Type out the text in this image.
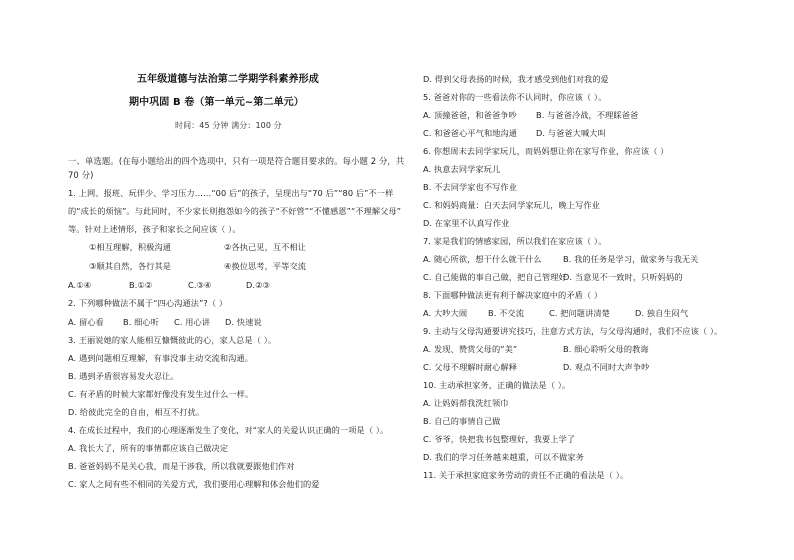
五年级道德与法治第二学期学科素养形成
期中巩固 B 卷（第一单元~第二单元）
时间：45 分钟 满分：100 分
一、单选题。(在每小题给出的四个选项中，只有一项是符合题目要求的。每小题 2 分，共
70 分)
1. 上网、报班、玩伴少、学习压力……“00 后”的孩子，呈现出与“70 后”“80 后”不一样
的“成长的烦恼”。与此同时，不少家长则抱怨如今的孩子“不好管”“不懂感恩”“不理解父母”
等。针对上述情形，孩子和家长之间应该（ ）。
①相互理解，积极沟通	②各执己见，互不相让
③顺其自然，各行其是	④换位思考，平等交流
A.①④	B.①②	C.③④	D.②③
2. 下列哪种做法不属于“四心沟通法”?（ ）
A. 留心看 B. 细心听 C. 用心讲 D. 快速说
3. 王丽说她的家人能相互慷慨彼此的心，家人总是（ ）。
A. 遇到问题相互理解，有事没事主动交流和沟通。
B. 遇到矛盾很容易发火忍让。
C. 有矛盾的时候大家都好像没有发生过什么一样。
D. 给彼此完全的自由，相互不打扰。
4. 在成长过程中，我们的心理逐渐发生了变化，对“家人的关爱认识正确的一项是（ ）。
A. 我长大了，所有的事情都应该自己做决定
B. 爸爸妈妈不是关心我，而是干涉我，所以我就要跟他们作对
C. 家人之间有些不相同的关爱方式，我们要用心理解和体会他们的爱
D. 得到父母表扬的时候，我才感受到他们对我的爱
5. 爸爸对你的一些看法你不认同时，你应该（ ）。
A. 顶撞爸爸，和爸爸争吵 B. 与爸爸冷战，不理睬爸爸
C. 和爸爸心平气和地沟通 D. 与爸爸大喊大叫
6. 你想周末去同学家玩儿，而妈妈想让你在家写作业，你应该（ ）
A. 执意去同学家玩儿
B. 不去同学家也不写作业
C. 和妈妈商量：白天去同学家玩儿，晚上写作业
D. 在家里不认真写作业
7. 家是我们的情感家园，所以我们在家应该（ ）。
A. 随心所欲，想干什么就干什么	B. 我的任务是学习，做家务与我无关
C. 自己能做的事自己做，把自己管理好
D. 当意见不一致时，只听妈妈的
8. 下面哪种做法更有利于解决家庭中的矛盾（ ）
A. 大吵大闹	B. 不交流	C. 把问题讲清楚	D. 独自生闷气
9. 主动与父母沟通要讲究技巧，注意方式方法，与父母沟通时，我们不应该（ ）。
A. 发现、赞赏父母的“美”	B. 细心聆听父母的教诲
C. 父母不理解时耐心解释	D. 观点不同时大声争吵
10. 主动承担家务，正确的做法是（ ）。
A. 让妈妈帮我洗红领巾
B. 自己的事情自己做
C. 爷爷，快把我书包整理好，我要上学了
D. 我们的学习任务越来越重，可以不做家务
11. 关于承担家庭家务劳动的责任不正确的看法是（ ）。
